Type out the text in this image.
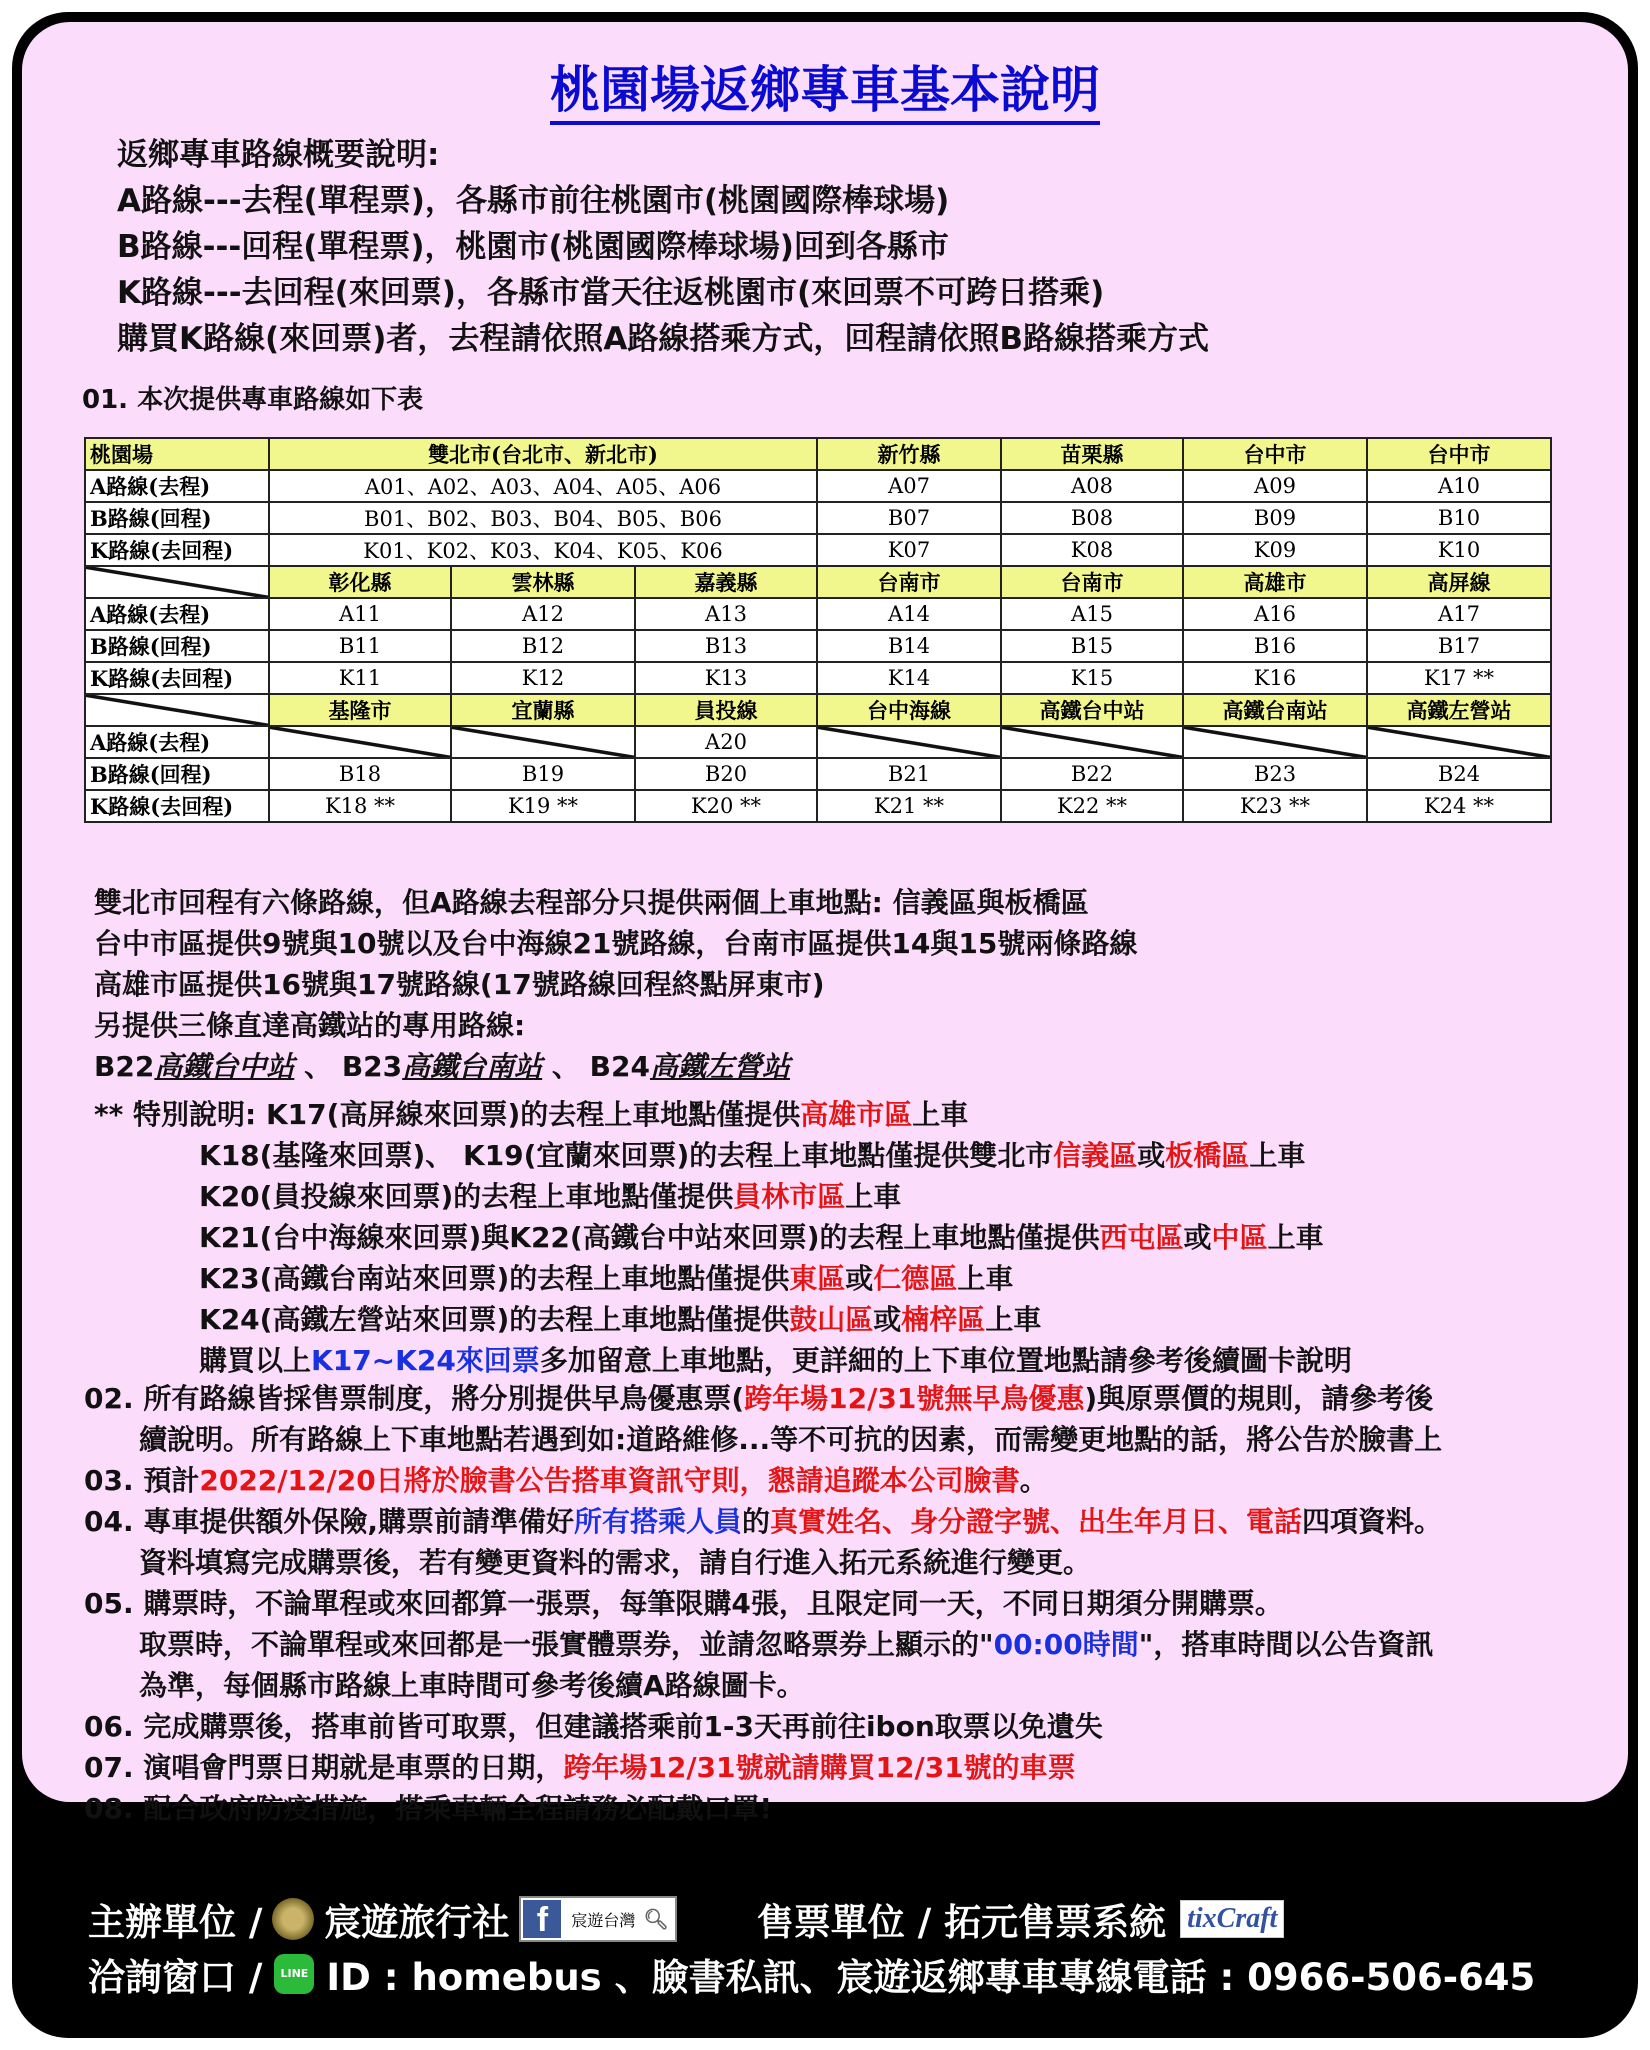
桃園場返鄉專車基本說明
返鄉專車路線概要說明:
A路線---去程(單程票)，各縣市前往桃園市(桃園國際棒球場)
B路線---回程(單程票)，桃園市(桃園國際棒球場)回到各縣市
K路線---去回程(來回票)，各縣市當天往返桃園市(來回票不可跨日搭乘)
購買K路線(來回票)者，去程請依照A路線搭乘方式，回程請依照B路線搭乘方式
01. 本次提供專車路線如下表
桃園場	雙北市(台北市、新北市)			新竹縣	苗栗縣	台中市	台中市
A路線(去程)	A01、A02、A03、A04、A05、A06			A07	A08	A09	A10
B路線(回程)	B01、B02、B03、B04、B05、B06			B07	B08	B09	B10
K路線(去回程)	K01、K02、K03、K04、K05、K06			K07	K08	K09	K10
	彰化縣	雲林縣	嘉義縣	台南市	台南市	高雄市	高屏線
A路線(去程)	A11	A12	A13	A14	A15	A16	A17
B路線(回程)	B11	B12	B13	B14	B15	B16	B17
K路線(去回程)	K11	K12	K13	K14	K15	K16	K17 **
	基隆市	宜蘭縣	員投線	台中海線	高鐵台中站	高鐵台南站	高鐵左營站
A路線(去程)			A20				
B路線(回程)	B18	B19	B20	B21	B22	B23	B24
K路線(去回程)	K18 **	K19 **	K20 **	K21 **	K22 **	K23 **	K24 **
雙北市回程有六條路線，但A路線去程部分只提供兩個上車地點: 信義區與板橋區
台中市區提供9號與10號以及台中海線21號路線，台南市區提供14與15號兩條路線
高雄市區提供16號與17號路線(17號路線回程終點屏東市)
另提供三條直達高鐵站的專用路線:
B22高鐵台中站 、 B23高鐵台南站 、 B24高鐵左營站
** 特別說明: K17(高屏線來回票)的去程上車地點僅提供高雄市區上車
K18(基隆來回票)、 K19(宜蘭來回票)的去程上車地點僅提供雙北市信義區或板橋區上車
K20(員投線來回票)的去程上車地點僅提供員林市區上車
K21(台中海線來回票)與K22(高鐵台中站來回票)的去程上車地點僅提供西屯區或中區上車
K23(高鐵台南站來回票)的去程上車地點僅提供東區或仁德區上車
K24(高鐵左營站來回票)的去程上車地點僅提供鼓山區或楠梓區上車
購買以上K17~K24來回票多加留意上車地點，更詳細的上下車位置地點請參考後續圖卡說明
02. 所有路線皆採售票制度，將分別提供早鳥優惠票(跨年場12/31號無早鳥優惠)與原票價的規則，請參考後
續說明。所有路線上下車地點若遇到如:道路維修...等不可抗的因素，而需變更地點的話，將公告於臉書上
03. 預計2022/12/20日將於臉書公告搭車資訊守則，懇請追蹤本公司臉書。
04. 專車提供額外保險,購票前請準備好所有搭乘人員的真實姓名、身分證字號、出生年月日、電話四項資料。
資料填寫完成購票後，若有變更資料的需求，請自行進入拓元系統進行變更。
05. 購票時，不論單程或來回都算一張票，每筆限購4張，且限定同一天，不同日期須分開購票。
取票時，不論單程或來回都是一張實體票券，並請忽略票券上顯示的"00:00時間"，搭車時間以公告資訊
為準，每個縣市路線上車時間可參考後續A路線圖卡。
06. 完成購票後，搭車前皆可取票，但建議搭乘前1-3天再前往ibon取票以免遺失
07. 演唱會門票日期就是車票的日期，跨年場12/31號就請購買12/31號的車票
08. 配合政府防疫措施，搭乘車輛全程請務必配戴口罩!
主辦單位 / 宸遊旅行社 f	宸遊台灣 🔍︎ 售票單位 / 拓元售票系統 tixCraft
洽詢窗口 /	LINE ID : homebus 、臉書私訊、宸遊返鄉專車專線電話 : 0966-506-645
